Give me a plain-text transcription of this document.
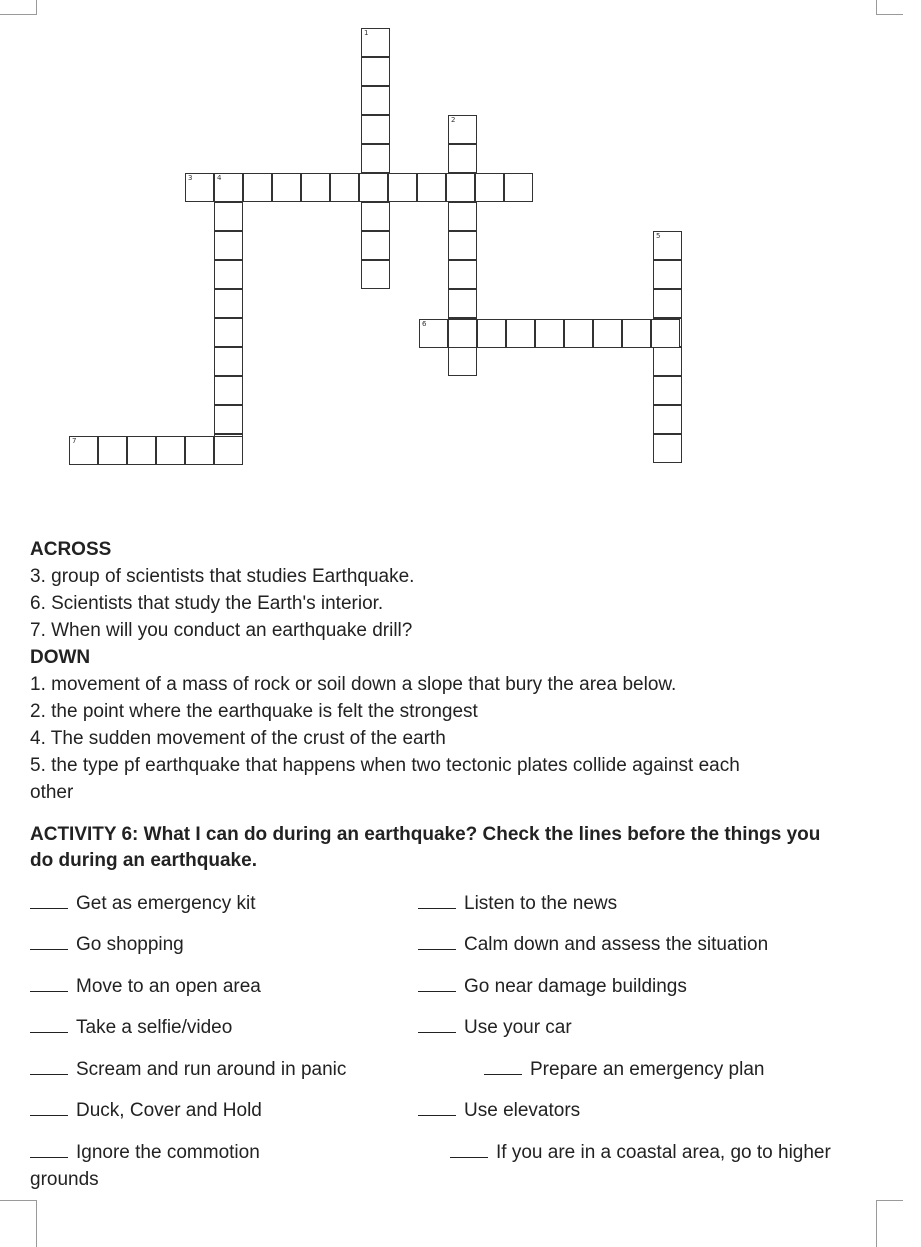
1
2
3	4
5
6
7
ACROSS
3. group of scientists that studies Earthquake.
6. Scientists that study the Earth's interior.
7. When will you conduct an earthquake drill?
DOWN
1. movement of a mass of rock or soil down a slope that bury the area below.
2. the point where the earthquake is felt the strongest
4. The sudden movement of the crust of the earth
5. the type pf earthquake that happens when two tectonic plates collide against each
other
ACTIVITY 6: What I can do during an earthquake? Check the lines before the things you
do during an earthquake.
Get as emergency kit
Go shopping
Move to an open area
Take a selfie/video
Scream and run around in panic
Duck, Cover and Hold
Ignore the commotion
Listen to the news
Calm down and assess the situation
Go near damage buildings
Use your car
Prepare an emergency plan
Use elevators
If you are in a coastal area, go to higher
grounds
